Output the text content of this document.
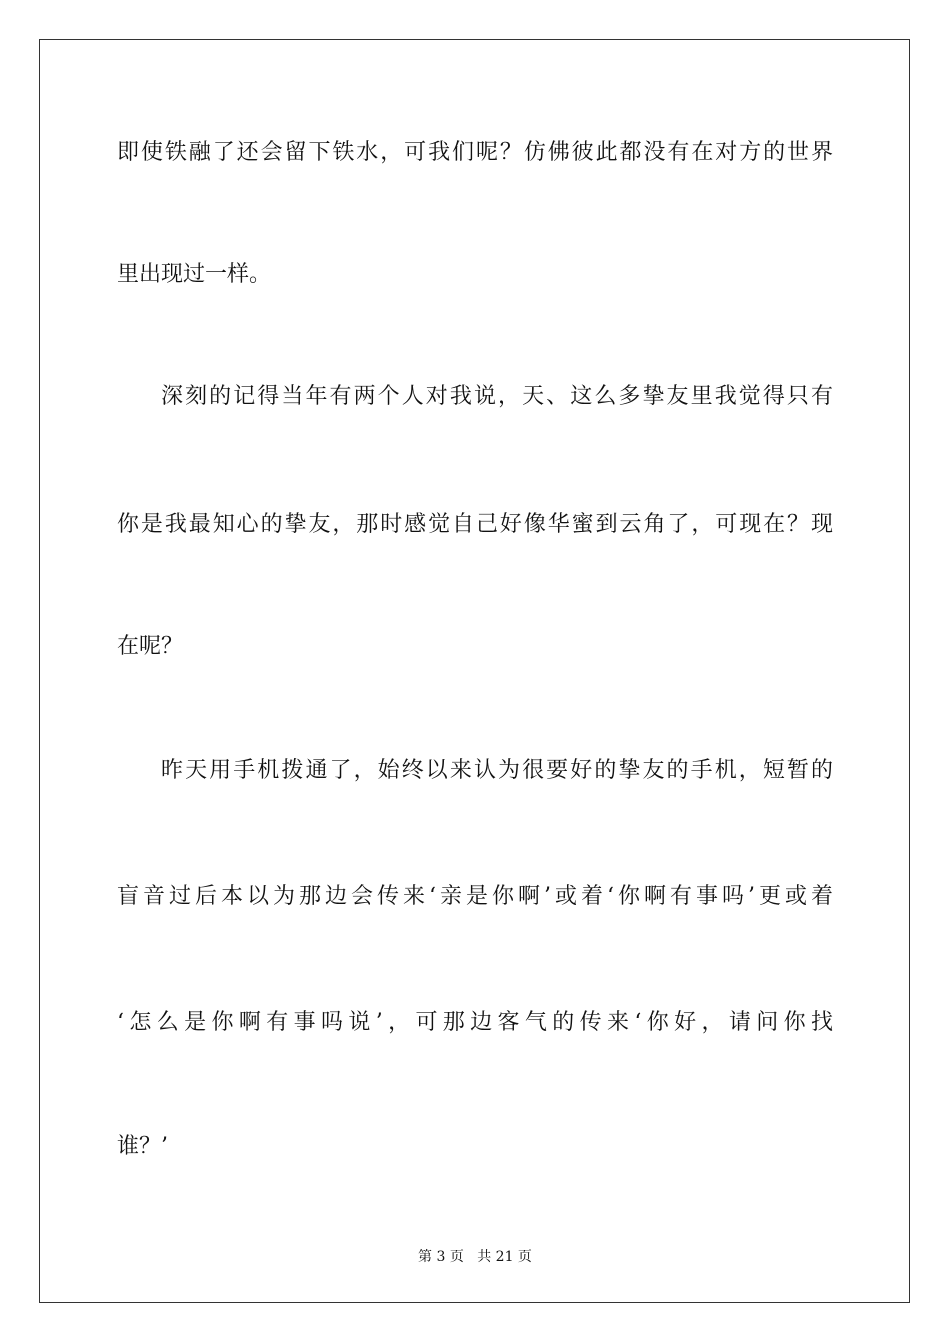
即使铁融了还会留下铁水，可我们呢？仿佛彼此都没有在对方的世界
里出现过一样。
深刻的记得当年有两个人对我说，天、这么多挚友里我觉得只有
你是我最知心的挚友，那时感觉自己好像华蜜到云角了，可现在？现
在呢？
昨天用手机拨通了，始终以来认为很要好的挚友的手机，短暂的
盲音过后本以为那边会传来‘亲是你啊’或着‘你啊有事吗’更或着
‘怎么是你啊有事吗说’，可那边客气的传来‘你好，请问你找
谁？’
第 3 页 共 21 页
